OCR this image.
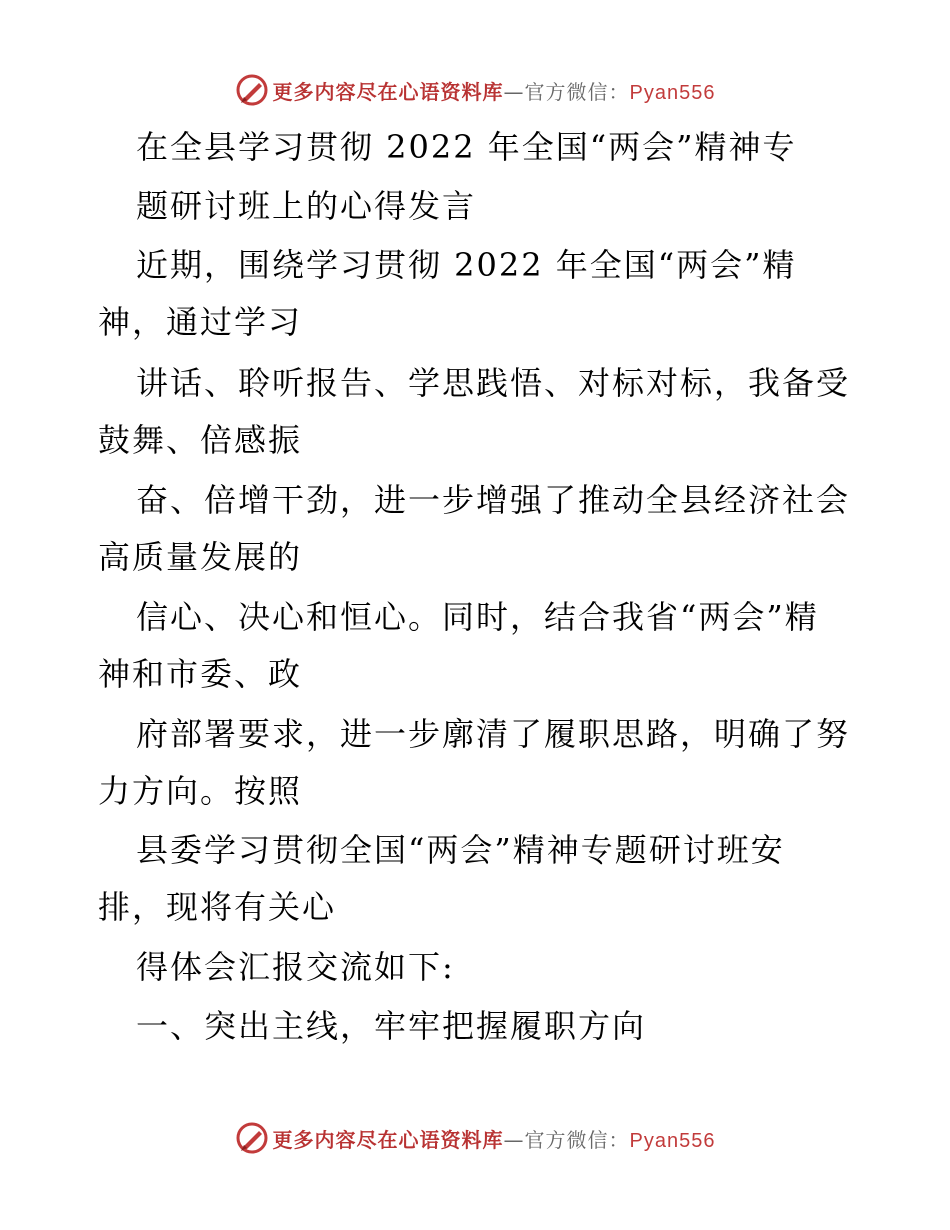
更多内容尽在心语资料库—官方微信：Pyan556
在全县学习贯彻 2022 年全国“两会”精神专
题研讨班上的心得发言
近期，围绕学习贯彻 2022 年全国“两会”精
神，通过学习
讲话、聆听报告、学思践悟、对标对标，我备受
鼓舞、倍感振
奋、倍增干劲，进一步增强了推动全县经济社会
高质量发展的
信心、决心和恒心。同时，结合我省“两会”精
神和市委、政
府部署要求，进一步廓清了履职思路，明确了努
力方向。按照
县委学习贯彻全国“两会”精神专题研讨班安
排，现将有关心
得体会汇报交流如下:
一、突出主线，牢牢把握履职方向
更多内容尽在心语资料库—官方微信：Pyan556
